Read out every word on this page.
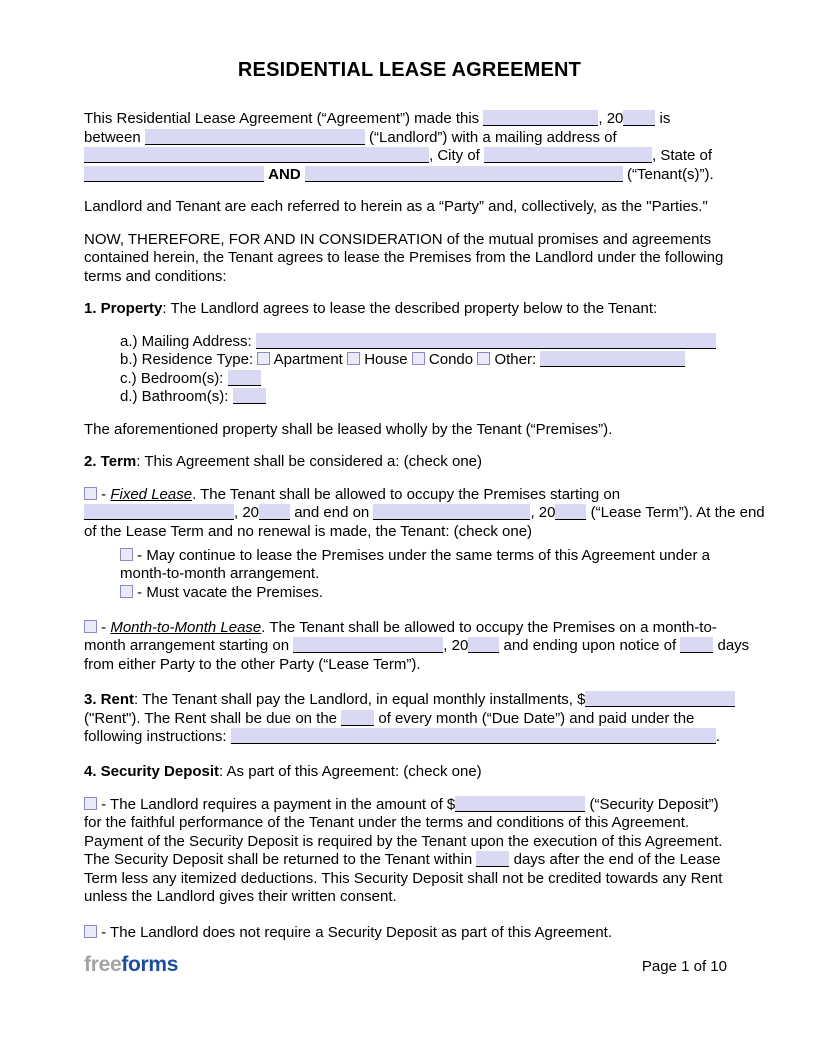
RESIDENTIAL LEASE AGREEMENT
This Residential Lease Agreement (“Agreement”) made this	, 20 is
between	(“Landlord”) with a mailing address of
, City of	, State of
AND	(“Tenant(s)”).
Landlord and Tenant are each referred to herein as a “Party” and, collectively, as the "Parties."
NOW, THEREFORE, FOR AND IN CONSIDERATION of the mutual promises and agreements
contained herein, the Tenant agrees to lease the Premises from the Landlord under the following
terms and conditions:
1. Property: The Landlord agrees to lease the described property below to the Tenant:
a.) Mailing Address:
b.) Residence Type:  Apartment  House  Condo  Other:
c.) Bedroom(s):
d.) Bathroom(s):
The aforementioned property shall be leased wholly by the Tenant (“Premises”).
2. Term: This Agreement shall be considered a: (check one)
- Fixed Lease. The Tenant shall be allowed to occupy the Premises starting on
, 20 and end on	, 20 (“Lease Term”). At the end
of the Lease Term and no renewal is made, the Tenant: (check one)
- May continue to lease the Premises under the same terms of this Agreement under a
month-to-month arrangement.
- Must vacate the Premises.
- Month-to-Month Lease. The Tenant shall be allowed to occupy the Premises on a month-to-
month arrangement starting on	, 20 and ending upon notice of  days
from either Party to the other Party (“Lease Term”).
3. Rent: The Tenant shall pay the Landlord, in equal monthly installments, $
("Rent"). The Rent shall be due on the  of every month (“Due Date”) and paid under the
following instructions:	.
4. Security Deposit: As part of this Agreement: (check one)
- The Landlord requires a payment in the amount of $	(“Security Deposit”)
for the faithful performance of the Tenant under the terms and conditions of this Agreement.
Payment of the Security Deposit is required by the Tenant upon the execution of this Agreement.
The Security Deposit shall be returned to the Tenant within  days after the end of the Lease
Term less any itemized deductions. This Security Deposit shall not be credited towards any Rent
unless the Landlord gives their written consent.
- The Landlord does not require a Security Deposit as part of this Agreement.
freeforms	Page 1 of 10
